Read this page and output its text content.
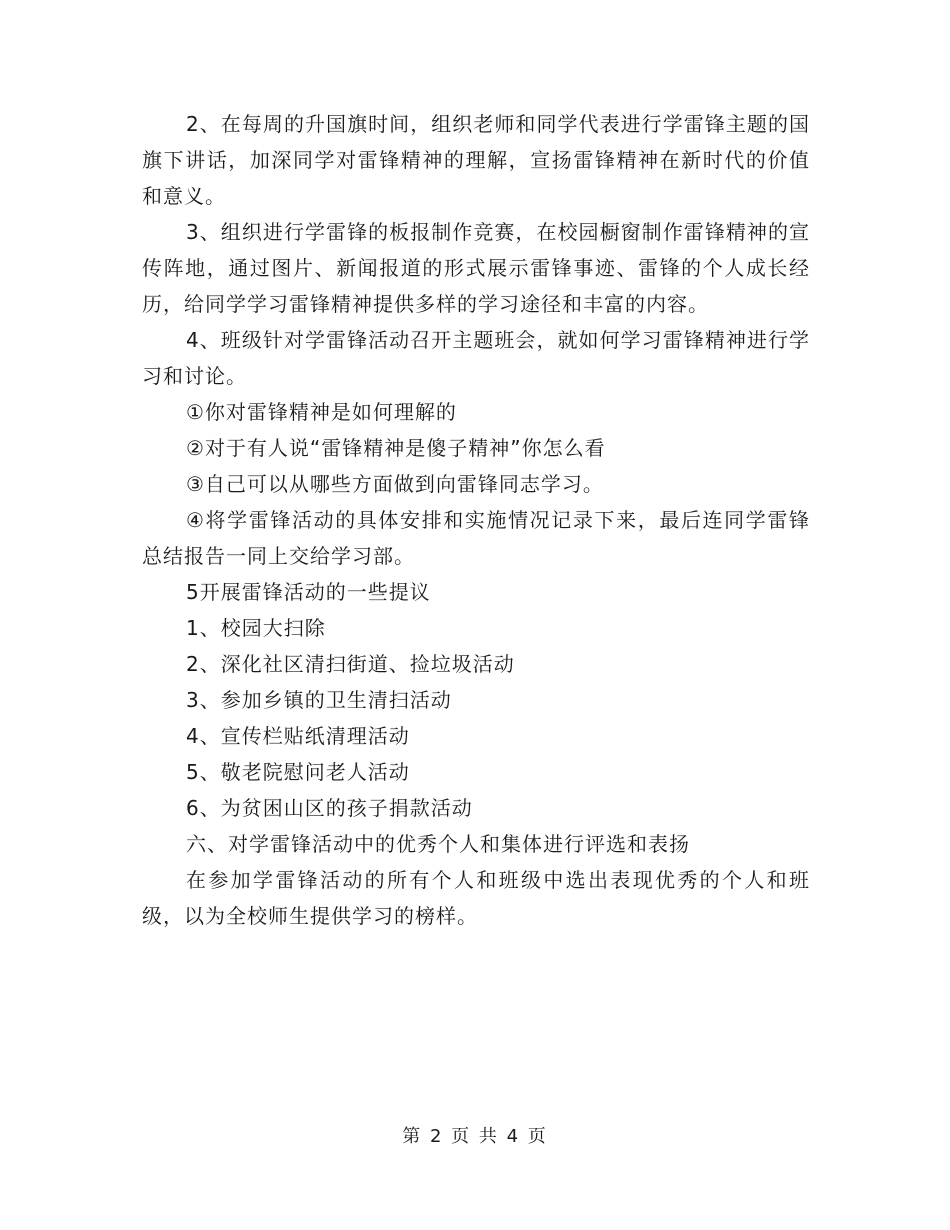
2、在每周的升国旗时间，组织老师和同学代表进行学雷锋主题的国旗下讲话，加深同学对雷锋精神的理解，宣扬雷锋精神在新时代的价值和意义。

3、组织进行学雷锋的板报制作竞赛，在校园橱窗制作雷锋精神的宣传阵地，通过图片、新闻报道的形式展示雷锋事迹、雷锋的个人成长经历，给同学学习雷锋精神提供多样的学习途径和丰富的内容。

4、班级针对学雷锋活动召开主题班会，就如何学习雷锋精神进行学习和讨论。

①你对雷锋精神是如何理解的

②对于有人说“雷锋精神是傻子精神”你怎么看

③自己可以从哪些方面做到向雷锋同志学习。

④将学雷锋活动的具体安排和实施情况记录下来，最后连同学雷锋总结报告一同上交给学习部。

5开展雷锋活动的一些提议

1、校园大扫除

2、深化社区清扫街道、捡垃圾活动

3、参加乡镇的卫生清扫活动

4、宣传栏贴纸清理活动

5、敬老院慰问老人活动

6、为贫困山区的孩子捐款活动

六、对学雷锋活动中的优秀个人和集体进行评选和表扬

在参加学雷锋活动的所有个人和班级中选出表现优秀的个人和班级，以为全校师生提供学习的榜样。

第 2 页 共 4 页
